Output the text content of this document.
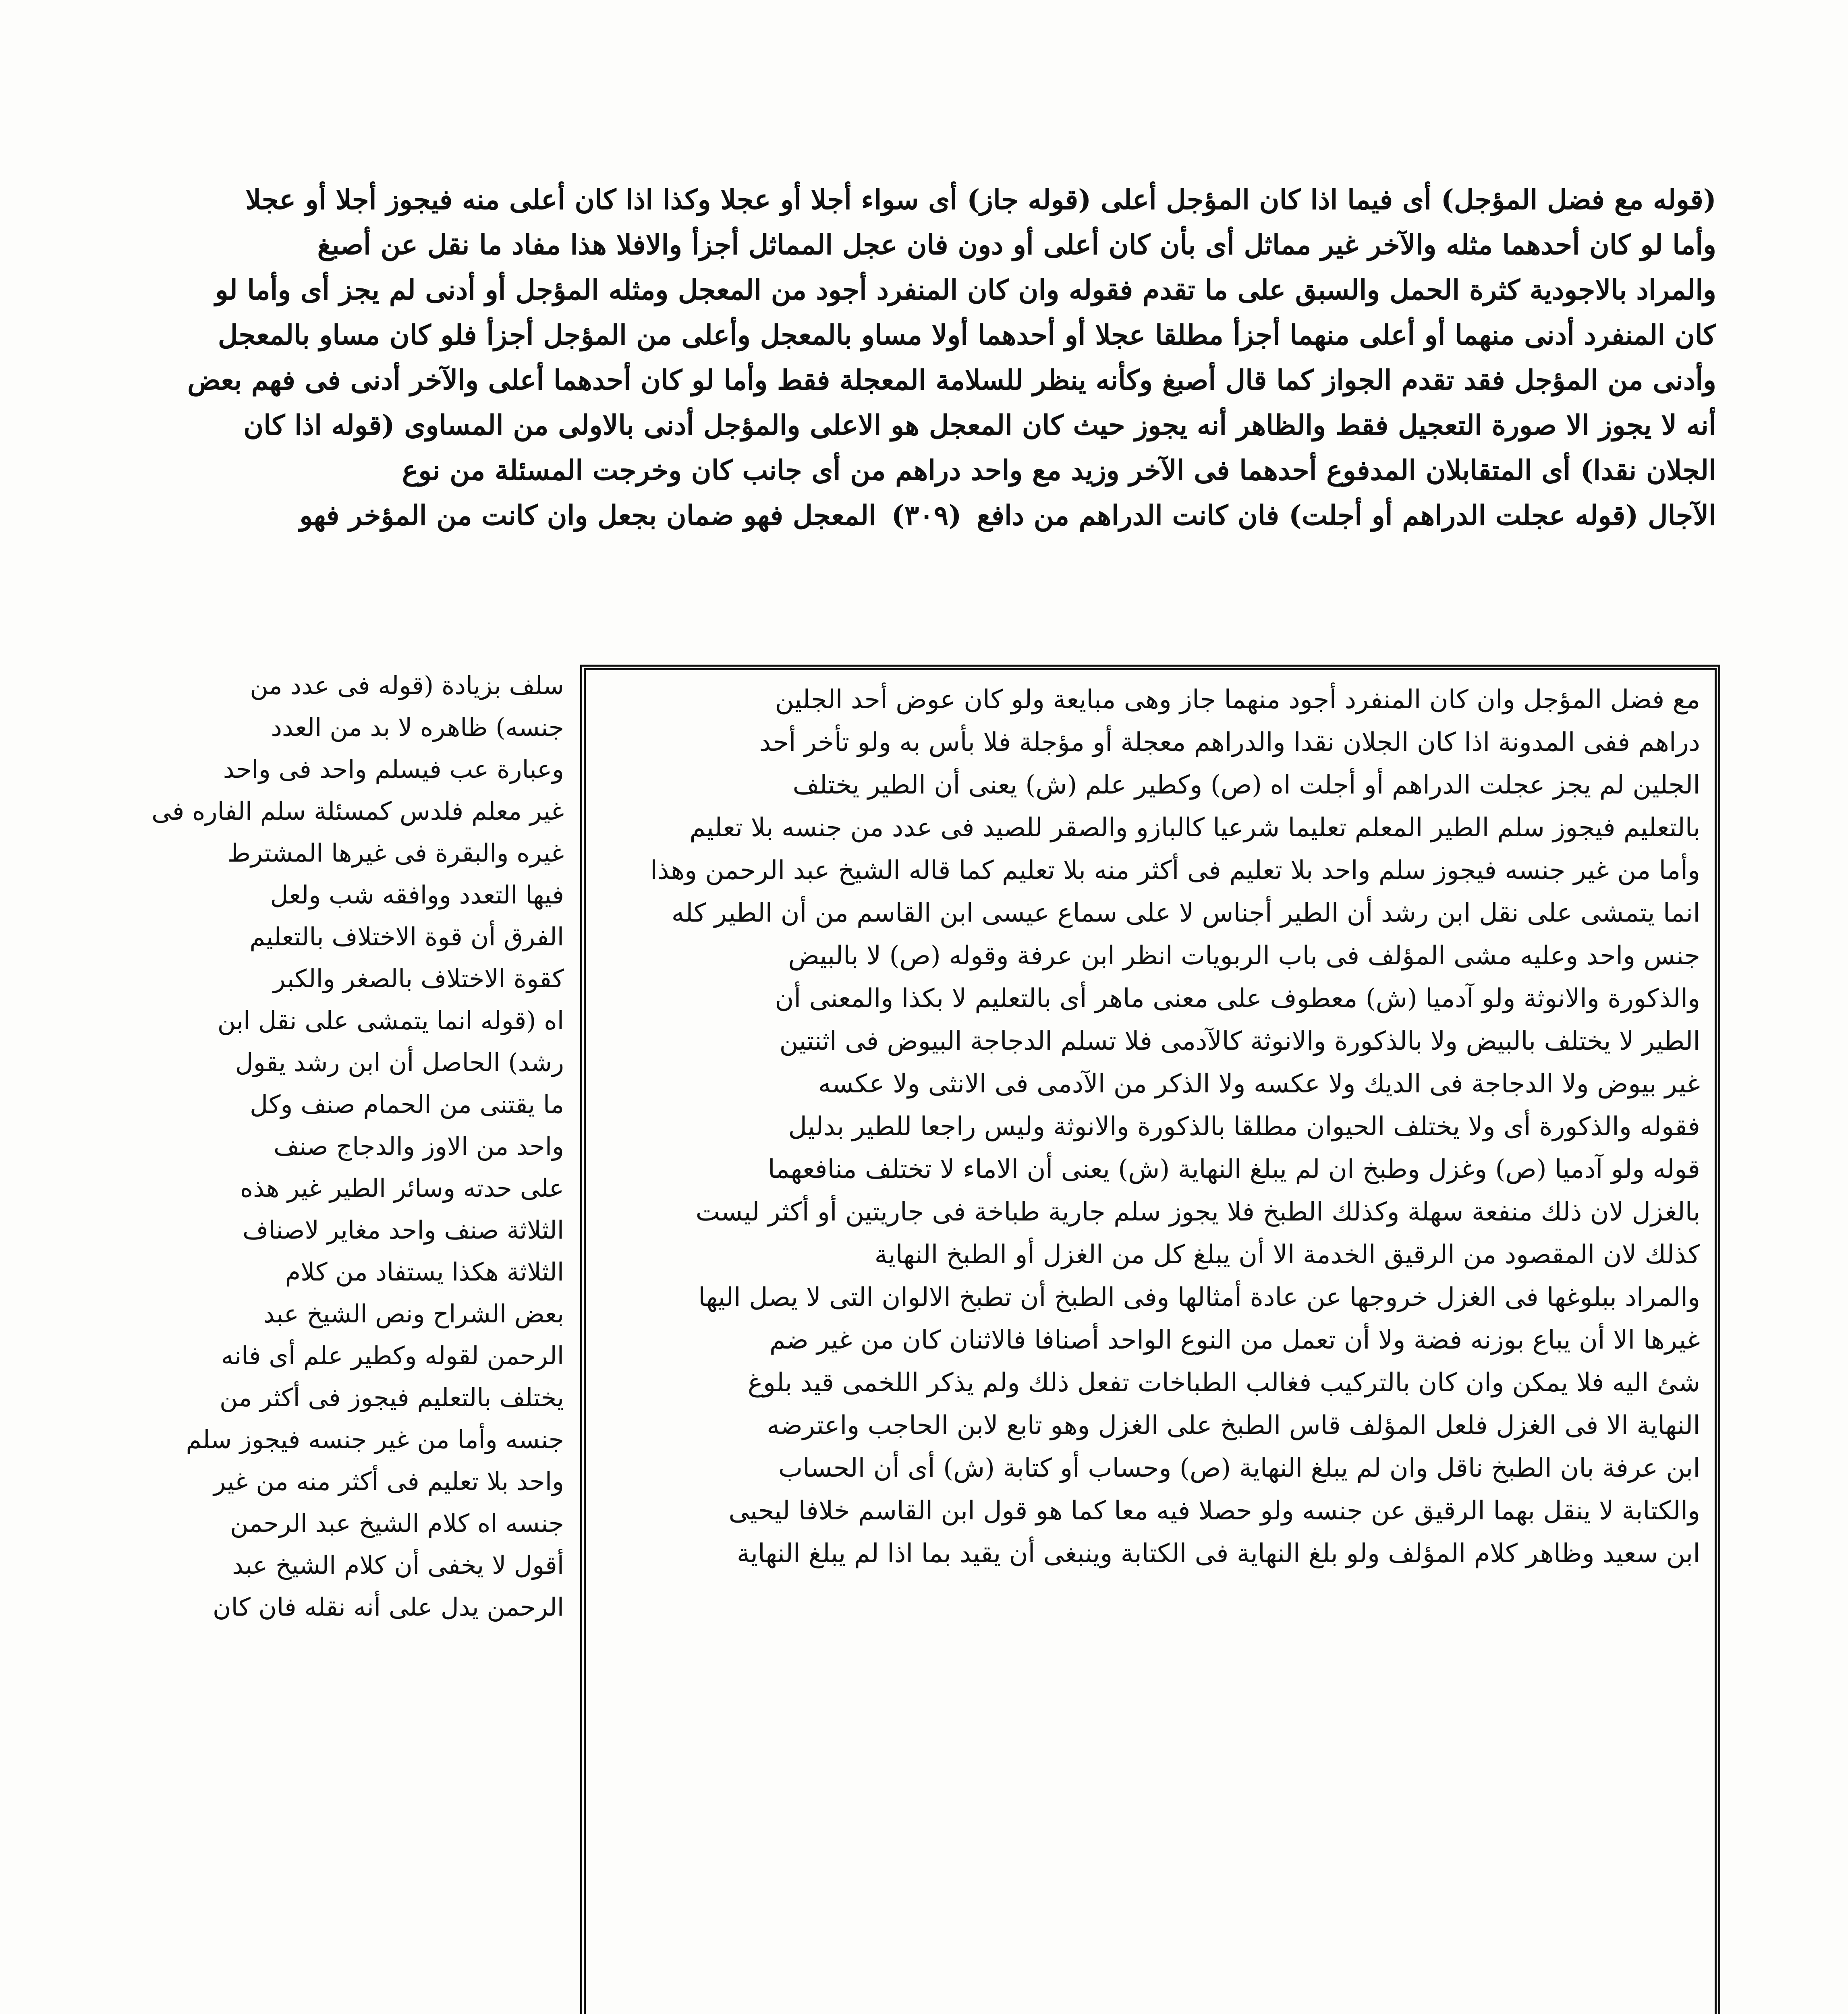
(قوله مع فضل المؤجل) أى فيما اذا كان المؤجل أعلى (قوله جاز) أى سواء أجلا أو عجلا وكذا اذا كان أعلى منه فيجوز أجلا أو عجلا

وأما لو كان أحدهما مثله والآخر غير مماثل أى بأن كان أعلى أو دون فان عجل المماثل أجزأ والافلا هذا مفاد ما نقل عن أصبغ

والمراد بالاجودية كثرة الحمل والسبق على ما تقدم فقوله وان كان المنفرد أجود من المعجل ومثله المؤجل أو أدنى لم يجز أى وأما لو

كان المنفرد أدنى منهما أو أعلى منهما أجزأ مطلقا عجلا أو أحدهما أولا مساو بالمعجل وأعلى من المؤجل أجزأ فلو كان مساو بالمعجل

وأدنى من المؤجل فقد تقدم الجواز كما قال أصبغ وكأنه ينظر للسلامة المعجلة فقط وأما لو كان أحدهما أعلى والآخر أدنى فى فهم بعض

أنه لا يجوز الا صورة التعجيل فقط والظاهر أنه يجوز حيث كان المعجل هو الاعلى والمؤجل أدنى بالاولى من المساوى (قوله اذا كان

الجلان نقدا) أى المتقابلان المدفوع أحدهما فى الآخر وزيد مع واحد دراهم من أى جانب كان وخرجت المسئلة من نوع

الآجال (قوله عجلت الدراهم أو أجلت) فان كانت الدراهم من دافع (٣٠٩) المعجل فهو ضمان بجعل وان كانت من المؤخر فهو

مع فضل المؤجل وان كان المنفرد أجود منهما جاز وهى مبايعة ولو كان عوض أحد الجلين

دراهم ففى المدونة اذا كان الجلان نقدا والدراهم معجلة أو مؤجلة فلا بأس به ولو تأخر أحد

الجلين لم يجز عجلت الدراهم أو أجلت اه (ص) وكطير علم (ش) يعنى أن الطير يختلف

بالتعليم فيجوز سلم الطير المعلم تعليما شرعيا كالبازو والصقر للصيد فى عدد من جنسه بلا تعليم

وأما من غير جنسه فيجوز سلم واحد بلا تعليم فى أكثر منه بلا تعليم كما قاله الشيخ عبد الرحمن وهذا

انما يتمشى على نقل ابن رشد أن الطير أجناس لا على سماع عيسى ابن القاسم من أن الطير كله

جنس واحد وعليه مشى المؤلف فى باب الربويات انظر ابن عرفة وقوله (ص) لا بالبيض

والذكورة والانوثة ولو آدميا (ش) معطوف على معنى ماهر أى بالتعليم لا بكذا والمعنى أن

الطير لا يختلف بالبيض ولا بالذكورة والانوثة كالآدمى فلا تسلم الدجاجة البيوض فى اثنتين

غير بيوض ولا الدجاجة فى الديك ولا عكسه ولا الذكر من الآدمى فى الانثى ولا عكسه

فقوله والذكورة أى ولا يختلف الحيوان مطلقا بالذكورة والانوثة وليس راجعا للطير بدليل

قوله ولو آدميا (ص) وغزل وطبخ ان لم يبلغ النهاية (ش) يعنى أن الاماء لا تختلف منافعهما

بالغزل لان ذلك منفعة سهلة وكذلك الطبخ فلا يجوز سلم جارية طباخة فى جاريتين أو أكثر ليست

كذلك لان المقصود من الرقيق الخدمة الا أن يبلغ كل من الغزل أو الطبخ النهاية

والمراد ببلوغها فى الغزل خروجها عن عادة أمثالها وفى الطبخ أن تطبخ الالوان التى لا يصل اليها

غيرها الا أن يباع بوزنه فضة ولا أن تعمل من النوع الواحد أصنافا فالاثنان كان من غير ضم

شئ اليه فلا يمكن وان كان بالتركيب فغالب الطباخات تفعل ذلك ولم يذكر اللخمى قيد بلوغ

النهاية الا فى الغزل فلعل المؤلف قاس الطبخ على الغزل وهو تابع لابن الحاجب واعترضه

ابن عرفة بان الطبخ ناقل وان لم يبلغ النهاية (ص) وحساب أو كتابة (ش) أى أن الحساب

والكتابة لا ينقل بهما الرقيق عن جنسه ولو حصلا فيه معا كما هو قول ابن القاسم خلافا ليحيى

ابن سعيد وظاهر كلام المؤلف ولو بلغ النهاية فى الكتابة وينبغى أن يقيد بما اذا لم يبلغ النهاية

سلف بزيادة (قوله فى عدد من

جنسه) ظاهره لا بد من العدد

وعبارة عب فيسلم واحد فى واحد

غير معلم فلدس كمسئلة سلم الفاره فى

غيره والبقرة فى غيرها المشترط

فيها التعدد ووافقه شب ولعل

الفرق أن قوة الاختلاف بالتعليم

كقوة الاختلاف بالصغر والكبر

اه (قوله انما يتمشى على نقل ابن

رشد) الحاصل أن ابن رشد يقول

ما يقتنى من الحمام صنف وكل

واحد من الاوز والدجاج صنف

على حدته وسائر الطير غير هذه

الثلاثة صنف واحد مغاير لاصناف

الثلاثة هكذا يستفاد من كلام

بعض الشراح ونص الشيخ عبد

الرحمن لقوله وكطير علم أى فانه

يختلف بالتعليم فيجوز فى أكثر من

جنسه وأما من غير جنسه فيجوز سلم

واحد بلا تعليم فى أكثر منه من غير

جنسه اه كلام الشيخ عبد الرحمن

أقول لا يخفى أن كلام الشيخ عبد

الرحمن يدل على أنه نقله فان كان
